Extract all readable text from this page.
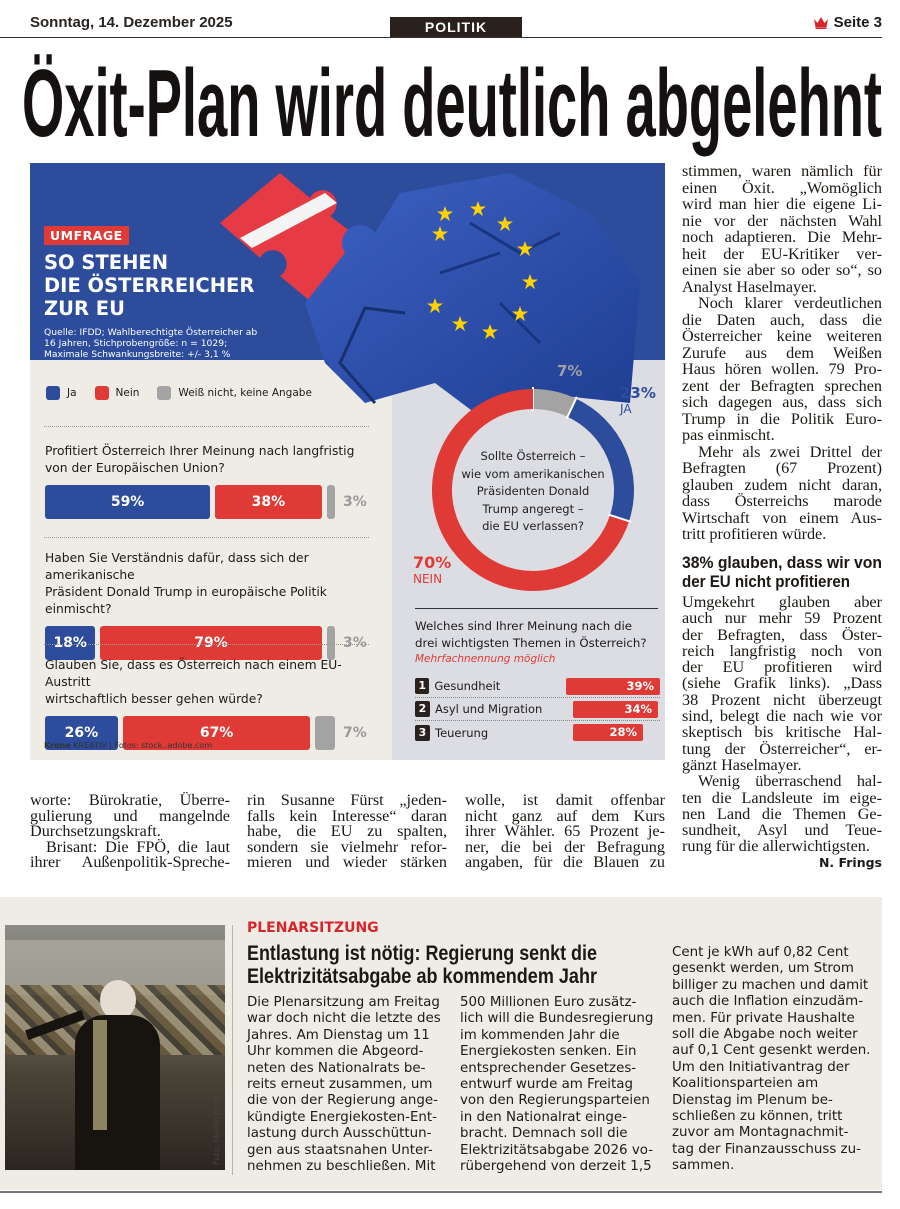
Sonntag, 14. Dezember 2025	POLITIK	Seite 3
Öxit-Plan wird deutlich abgelehnt
UMFRAGE
SO STEHEN
DIE ÖSTERREICHER
ZUR EU
Quelle: IFDD; Wahlberechtigte Österreicher ab
16 Jahren, Stichprobengröße: n = 1029;
Maximale Schwankungsbreite: +/- 3,1 %
Ja	Nein	Weiß nicht, keine Angabe
Profitiert Österreich Ihrer Meinung nach langfristig
von der Europäischen Union?
59%	38%	3%
Haben Sie Verständnis dafür, dass sich der amerikanische
Präsident Donald Trump in europäische Politik einmischt?
18%	79%	3%
Glauben Sie, dass es Österreich nach einem EU-Austritt
wirtschaftlich besser gehen würde?
26%	67%	7%
Krone KREATIV | Fotos: stock..adobe.com
Sollte Österreich –
wie vom amerikanischen
Präsidenten Donald
Trump angeregt –
die EU verlassen?
7%
23%
JA
70%
NEIN
Welches sind Ihrer Meinung nach die
drei wichtigsten Themen in Österreich?
Mehrfachnennung möglich
1 Gesundheit	39%
2 Asyl und Migration	34%
3 Teuerung	28%
worte: Bürokratie, Überre-
gulierung und mangelnde
Durchsetzungskraft.
Brisant: Die FPÖ, die laut
ihrer Außenpolitik-Spreche-
rin Susanne Fürst „jeden-
falls kein Interesse“ daran
habe, die EU zu spalten,
sondern sie vielmehr refor-
mieren und wieder stärken
wolle, ist damit offenbar
nicht ganz auf dem Kurs
ihrer Wähler. 65 Prozent je-
ner, die bei der Befragung
angaben, für die Blauen zu
stimmen, waren nämlich für
einen Öxit. „Womöglich
wird man hier die eigene Li-
nie vor der nächsten Wahl
noch adaptieren. Die Mehr-
heit der EU-Kritiker ver-
einen sie aber so oder so“, so
Analyst Haselmayer.
Noch klarer verdeutlichen
die Daten auch, dass die
Österreicher keine weiteren
Zurufe aus dem Weißen
Haus hören wollen. 79 Pro-
zent der Befragten sprechen
sich dagegen aus, dass sich
Trump in die Politik Euro-
pas einmischt.
Mehr als zwei Drittel der
Befragten (67 Prozent)
glauben zudem nicht daran,
dass Österreichs marode
Wirtschaft von einem Aus-
tritt profitieren würde.
38% glauben, dass wir von
der EU nicht profitieren
Umgekehrt glauben aber
auch nur mehr 59 Prozent
der Befragten, dass Öster-
reich langfristig noch von
der EU profitieren wird
(siehe Grafik links). „Dass
38 Prozent nicht überzeugt
sind, belegt die nach wie vor
skeptisch bis kritische Hal-
tung der Österreicher“, er-
gänzt Haselmayer.
Wenig überraschend hal-
ten die Landsleute im eige-
nen Land die Themen Ge-
sundheit, Asyl und Teue-
rung für die allerwichtigsten.
N. Frings
Foto: Martin Jöchl
PLENARSITZUNG
Entlastung ist nötig: Regierung senkt die
Elektrizitätsabgabe ab kommendem Jahr
Die Plenarsitzung am Freitag
war doch nicht die letzte des
Jahres. Am Dienstag um 11
Uhr kommen die Abgeord-
neten des Nationalrats be-
reits erneut zusammen, um
die von der Regierung ange-
kündigte Energiekosten-Ent-
lastung durch Ausschüttun-
gen aus staatsnahen Unter-
nehmen zu beschließen. Mit
500 Millionen Euro zusätz-
lich will die Bundesregierung
im kommenden Jahr die
Energiekosten senken. Ein
entsprechender Gesetzes-
entwurf wurde am Freitag
von den Regierungsparteien
in den Nationalrat einge-
bracht. Demnach soll die
Elektrizitätsabgabe 2026 vo-
rübergehend von derzeit 1,5
Cent je kWh auf 0,82 Cent
gesenkt werden, um Strom
billiger zu machen und damit
auch die Inflation einzudäm-
men. Für private Haushalte
soll die Abgabe noch weiter
auf 0,1 Cent gesenkt werden.
Um den Initiativantrag der
Koalitionsparteien am
Dienstag im Plenum be-
schließen zu können, tritt
zuvor am Montagnachmit-
tag der Finanzausschuss zu-
sammen.
